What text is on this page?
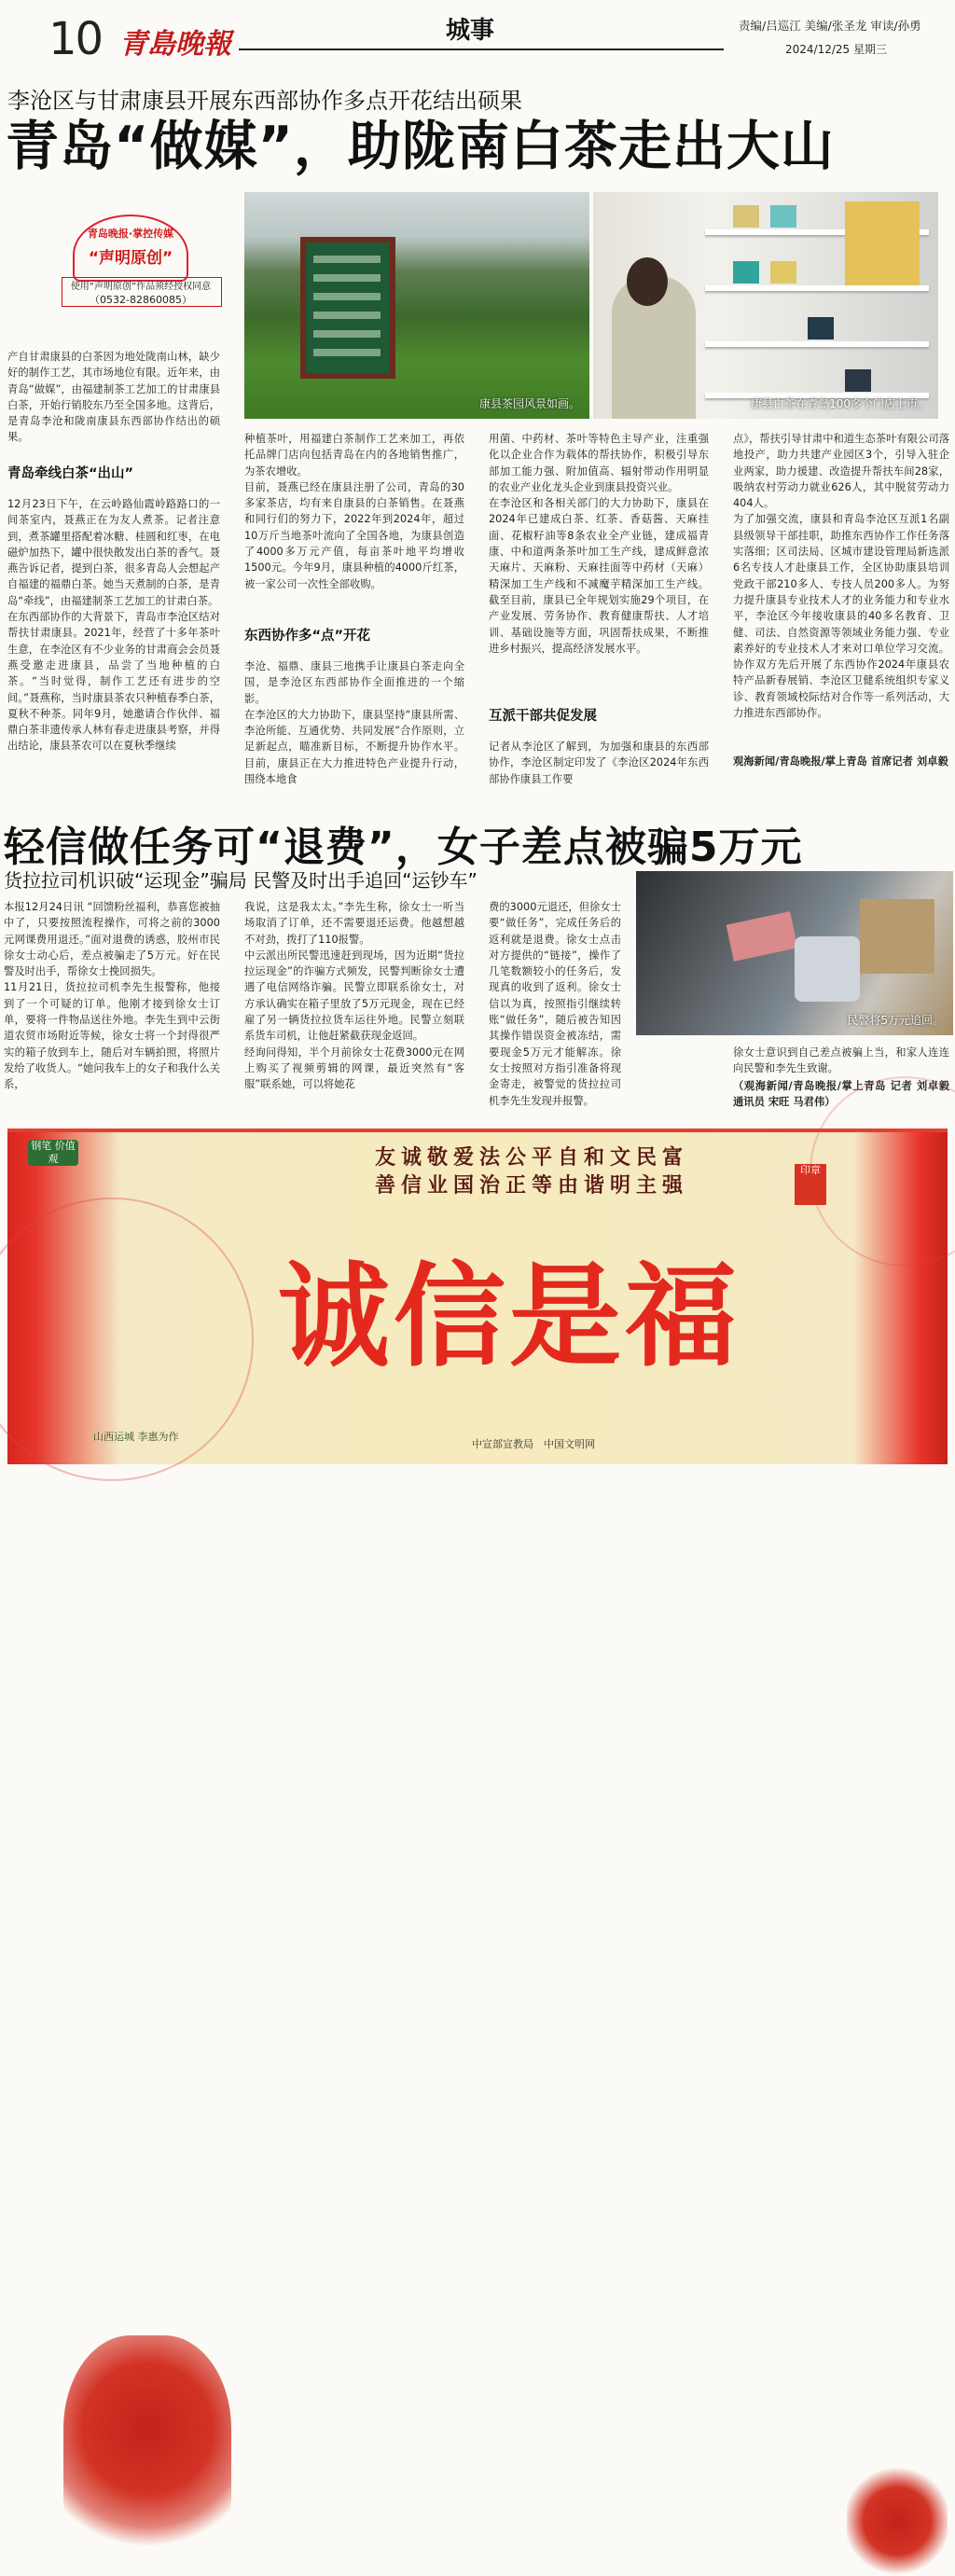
10 青島晚報	城事	责编/吕巡江 美编/张圣龙 审读/孙勇
2024/12/25 星期三
李沧区与甘肃康县开展东西部协作多点开花结出硕果
青岛“做媒”，助陇南白茶走出大山
青岛晚报·掌控传媒
“声明原创”
使用“声明原创”作品须经授权同意
（0532-82860085）
康县茶园风景如画。	康县白茶在青岛100多个门店上市。
产自甘肃康县的白茶因为地处陇南山林，缺少好的制作工艺，其市场地位有限。近年来，由青岛“做媒”，由福建制茶工艺加工的甘肃康县白茶，开始行销胶东乃至全国多地。这背后，是青岛李沧和陇南康县东西部协作结出的硕果。
青岛牵线白茶“出山”
12月23日下午，在云岭路仙霞岭路路口的一间茶室内，聂燕正在为友人煮茶。记者注意到，煮茶罐里搭配着冰糖、桂圆和红枣，在电磁炉加热下，罐中很快散发出白茶的香气。聂燕告诉记者，提到白茶，很多青岛人会想起产自福建的福鼎白茶。她当天煮制的白茶，是青岛“牵线”，由福建制茶工艺加工的甘肃白茶。
在东西部协作的大背景下，青岛市李沧区结对帮扶甘肃康县。2021年，经营了十多年茶叶生意，在李沧区有不少业务的甘肃商会会员聂燕受邀走进康县，品尝了当地种植的白茶。“当时觉得，制作工艺还有进步的空间。”聂燕称，当时康县茶农只种植春季白茶，夏秋不种茶。同年9月，她邀请合作伙伴、福鼎白茶非遗传承人林有春走进康县考察，并得出结论，康县茶农可以在夏秋季继续
种植茶叶，用福建白茶制作工艺来加工，再依托品牌门店向包括青岛在内的各地销售推广，为茶农增收。
目前，聂燕已经在康县注册了公司，青岛的30多家茶店，均有来自康县的白茶销售。在聂燕和同行们的努力下，2022年到2024年，超过10万斤当地茶叶流向了全国各地，为康县创造了4000多万元产值，每亩茶叶地平均增收1500元。今年9月，康县种植的4000斤红茶，被一家公司一次性全部收购。
东西协作多“点”开花
李沧、福鼎、康县三地携手让康县白茶走向全国，是李沧区东西部协作全面推进的一个缩影。
在李沧区的大力协助下，康县坚持“康县所需、李沧所能、互通优势、共同发展”合作原则，立足新起点，瞄准新目标，不断提升协作水平。目前，康县正在大力推进特色产业提升行动，围绕本地食
用菌、中药材、茶叶等特色主导产业，注重强化以企业合作为载体的帮扶协作，积极引导东部加工能力强、附加值高、辐射带动作用明显的农业产业化龙头企业到康县投资兴业。
在李沧区和各相关部门的大力协助下，康县在2024年已建成白茶、红茶、香菇酱、天麻挂面、花椒籽油等8条农业全产业链，建成福青康、中和道两条茶叶加工生产线，建成鲜意浓天麻片、天麻粉、天麻挂面等中药材（天麻）精深加工生产线和不减魔芋精深加工生产线。截至目前，康县已全年规划实施29个项目，在产业发展、劳务协作、教育健康帮扶、人才培训、基础设施等方面，巩固帮扶成果，不断推进乡村振兴，提高经济发展水平。
互派干部共促发展
记者从李沧区了解到，为加强和康县的东西部协作，李沧区制定印发了《李沧区2024年东西部协作康县工作要
点》，帮扶引导甘肃中和道生态茶叶有限公司落地投产，助力共建产业园区3个，引导入驻企业两家，助力援建、改造提升帮扶车间28家，吸纳农村劳动力就业626人，其中脱贫劳动力404人。
为了加强交流，康县和青岛李沧区互派1名副县级领导干部挂职，助推东西协作工作任务落实落细；区司法局、区城市建设管理局新选派6名专技人才赴康县工作，全区协助康县培训党政干部210多人、专技人员200多人。为努力提升康县专业技术人才的业务能力和专业水平，李沧区今年接收康县的40多名教育、卫健、司法、自然资源等领域业务能力强、专业素养好的专业技术人才来对口单位学习交流。协作双方先后开展了东西协作2024年康县农特产品新春展销、李沧区卫健系统组织专家义诊、教育领域校际结对合作等一系列活动，大力推进东西部协作。
观海新闻/青岛晚报/掌上青岛 首席记者 刘卓毅
轻信做任务可“退费”，女子差点被骗5万元
货拉拉司机识破“运现金”骗局 民警及时出手追回“运钞车”
民警将5万元追回。
本报12月24日讯 “回馈粉丝福利，恭喜您被抽中了，只要按照流程操作，可将之前的3000元网课费用退还。”面对退费的诱惑，胶州市民徐女士动心后，差点被骗走了5万元。好在民警及时出手，帮徐女士挽回损失。
11月21日，货拉拉司机李先生报警称，他接到了一个可疑的订单。他刚才接到徐女士订单，要将一件物品送往外地。李先生到中云街道农贸市场附近等候，徐女士将一个封得很严实的箱子放到车上，随后对车辆拍照，将照片发给了收货人。“她问我车上的女子和我什么关系，
我说，这是我太太。”李先生称，徐女士一听当场取消了订单，还不需要退还运费。他越想越不对劲，拨打了110报警。
中云派出所民警迅速赶到现场，因为近期“货拉拉运现金”的诈骗方式频发，民警判断徐女士遭遇了电信网络诈骗。民警立即联系徐女士，对方承认确实在箱子里放了5万元现金，现在已经雇了另一辆货拉拉货车运往外地。民警立刻联系货车司机，让他赶紧截获现金返回。
经询问得知，半个月前徐女士花费3000元在网上购买了视频剪辑的网课，最近突然有“客服”联系她，可以将她花
费的3000元退还，但徐女士要“做任务”，完成任务后的返利就是退费。徐女士点击对方提供的“链接”，操作了几笔数额较小的任务后，发现真的收到了返利。徐女士信以为真，按照指引继续转账“做任务”，随后被告知因其操作错误资金被冻结，需要现金5万元才能解冻。徐女士按照对方指引准备将现金寄走，被警觉的货拉拉司机李先生发现并报警。
徐女士意识到自己差点被骗上当，和家人连连向民警和李先生致谢。
（观海新闻/青岛晚报/掌上青岛 记者 刘卓毅 通讯员 宋旺 马君伟）
钢笔 价值观	友诚敬爱法公平自和文民富
善信业国治正等由谐明主强
印章
诚信是福
山西运城 李惠为作
中宣部宣教局　中国文明网
